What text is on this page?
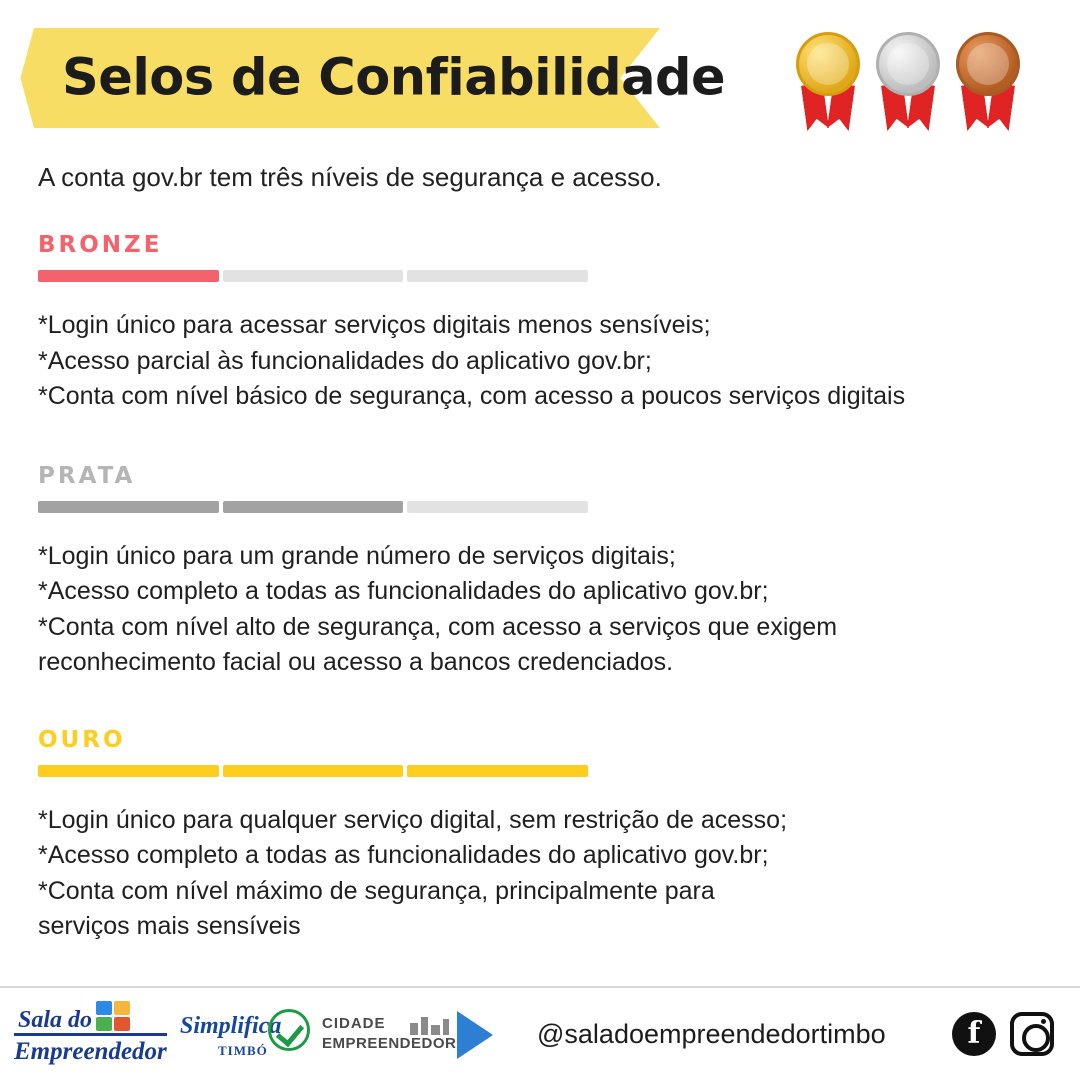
Selos de Confiabilidade
A conta gov.br tem três níveis de segurança e acesso.
BRONZE
*Login único para acessar serviços digitais menos sensíveis;
*Acesso parcial às funcionalidades do aplicativo gov.br;
*Conta com nível básico de segurança, com acesso a poucos serviços digitais
PRATA
*Login único para um grande número de serviços digitais;
*Acesso completo a todas as funcionalidades do aplicativo gov.br;
*Conta com nível alto de segurança, com acesso a serviços que exigem
reconhecimento facial ou acesso a bancos credenciados.
OURO
*Login único para qualquer serviço digital, sem restrição de acesso;
*Acesso completo a todas as funcionalidades do aplicativo gov.br;
*Conta com nível máximo de segurança, principalmente para
serviços mais sensíveis
Sala do
Empreendedor
Simplifica
TIMBÓ
CIDADE
EMPREENDEDORA	@saladoempreendedortimbo
f
